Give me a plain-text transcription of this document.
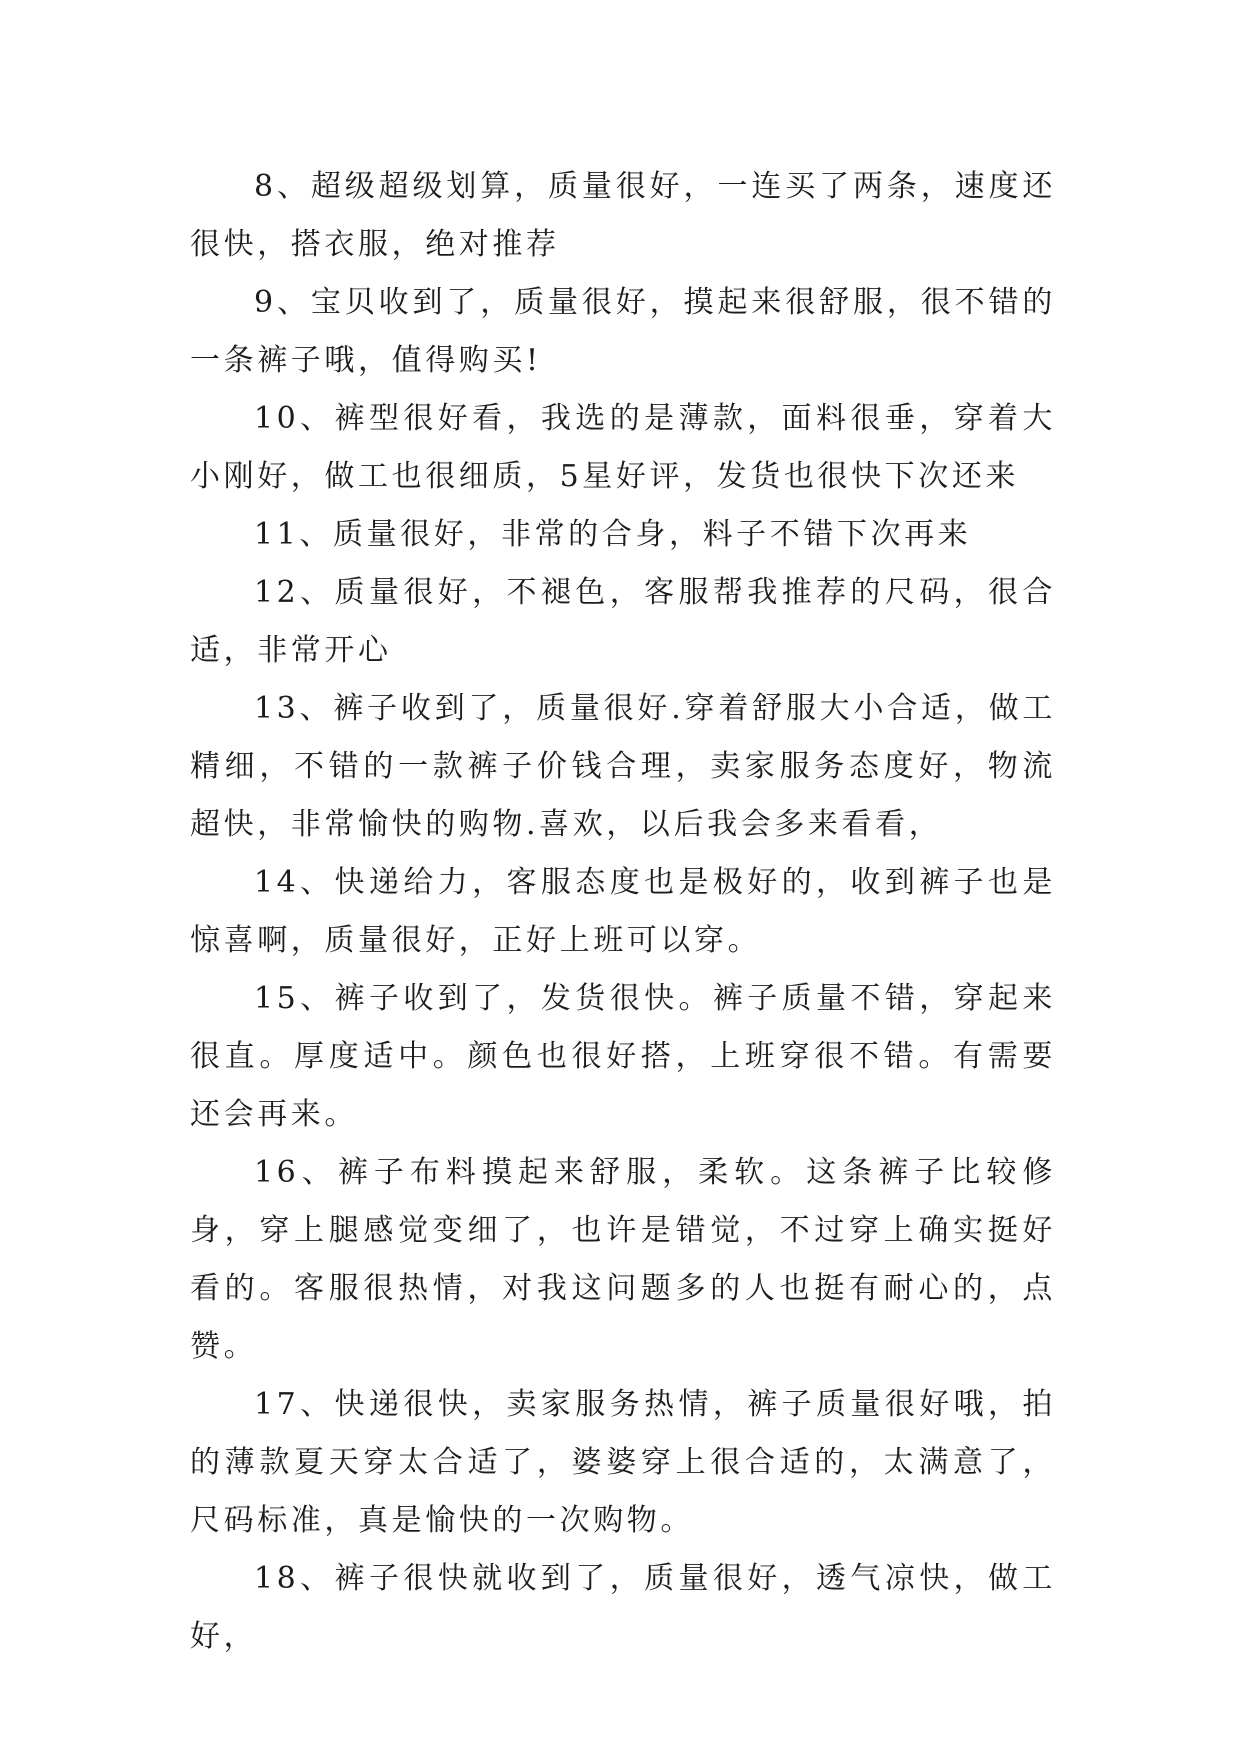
8、超级超级划算，质量很好，一连买了两条，速度还很快，搭衣服，绝对推荐

9、宝贝收到了，质量很好，摸起来很舒服，很不错的一条裤子哦，值得购买!

10、裤型很好看，我选的是薄款，面料很垂，穿着大小刚好，做工也很细质，5星好评，发货也很快下次还来

11、质量很好，非常的合身，料子不错下次再来

12、质量很好，不褪色，客服帮我推荐的尺码，很合适，非常开心

13、裤子收到了，质量很好.穿着舒服大小合适，做工精细，不错的一款裤子价钱合理，卖家服务态度好，物流超快，非常愉快的购物.喜欢，以后我会多来看看，

14、快递给力，客服态度也是极好的，收到裤子也是惊喜啊，质量很好，正好上班可以穿。

15、裤子收到了，发货很快。裤子质量不错，穿起来很直。厚度适中。颜色也很好搭，上班穿很不错。有需要还会再来。

16、裤子布料摸起来舒服，柔软。这条裤子比较修身，穿上腿感觉变细了，也许是错觉，不过穿上确实挺好看的。客服很热情，对我这问题多的人也挺有耐心的，点赞。

17、快递很快，卖家服务热情，裤子质量很好哦，拍的薄款夏天穿太合适了，婆婆穿上很合适的，太满意了，尺码标准，真是愉快的一次购物。

18、裤子很快就收到了，质量很好，透气凉快，做工好，
